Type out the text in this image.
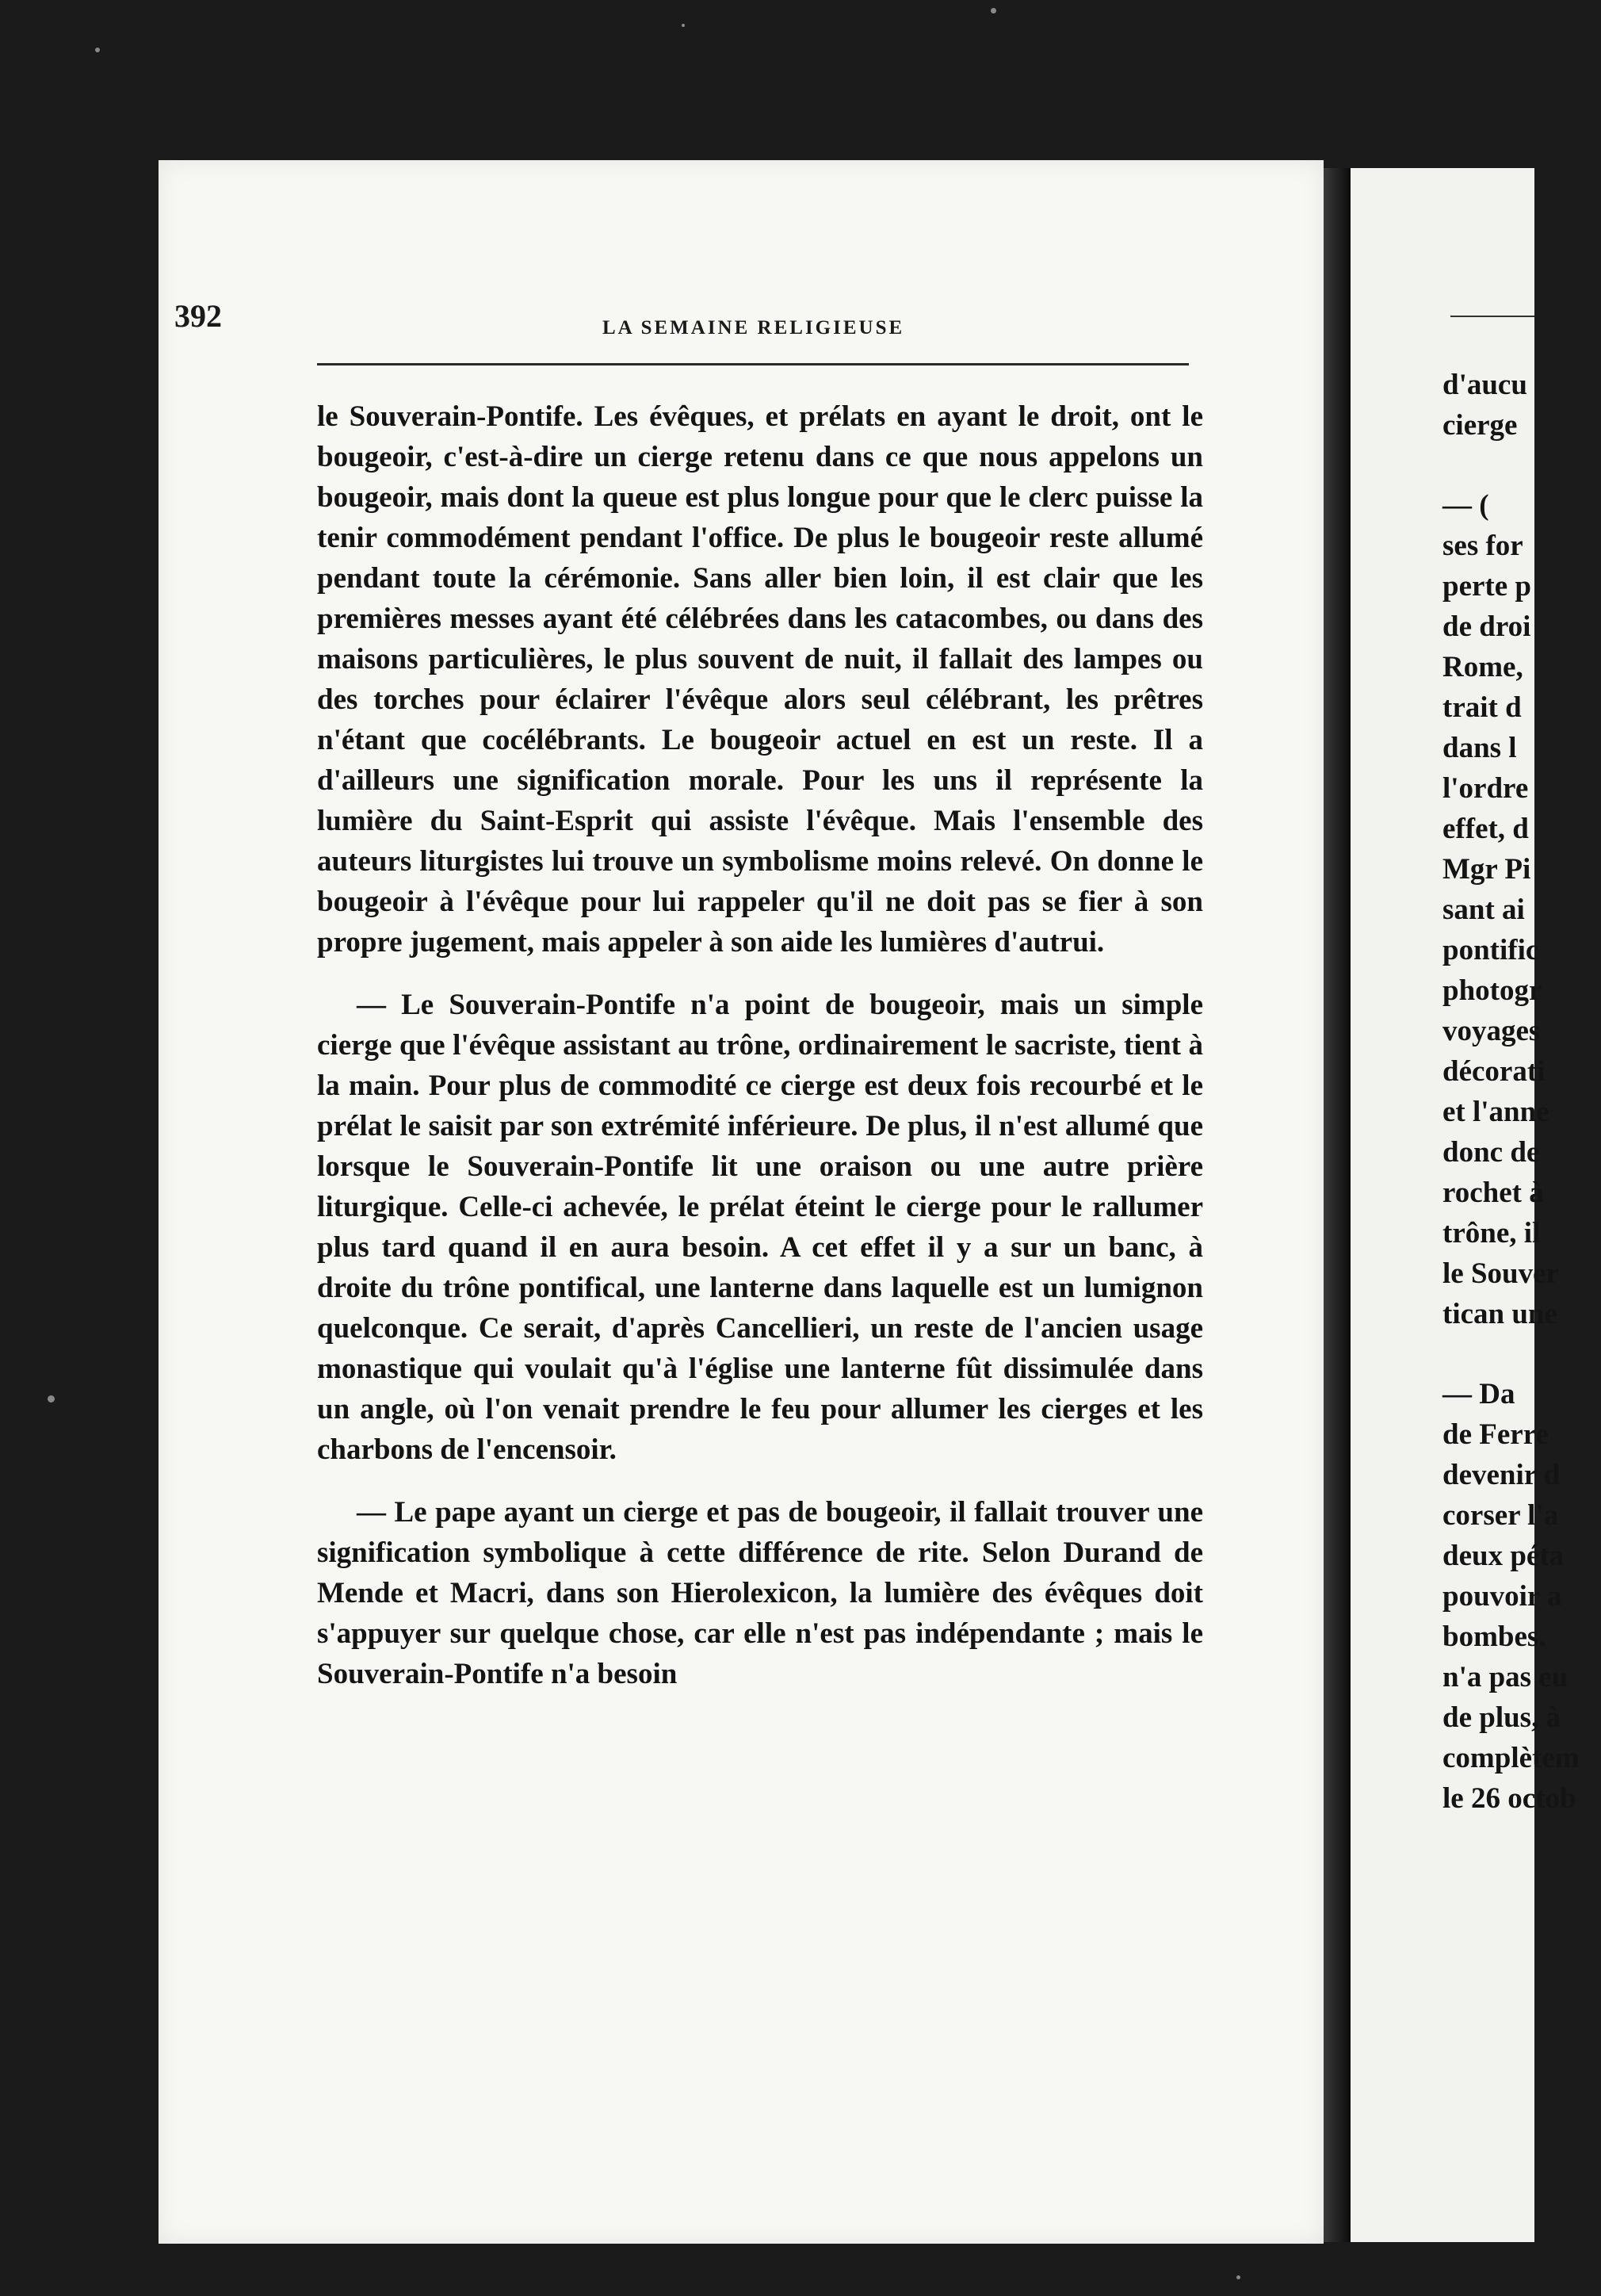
392	LA SEMAINE RELIGIEUSE

le Souverain-Pontife. Les évêques, et prélats en ayant le droit, ont le bougeoir, c'est-à-dire un cierge retenu dans ce que nous appelons un bougeoir, mais dont la queue est plus longue pour que le clerc puisse la tenir commodément pendant l'office. De plus le bougeoir reste allumé pendant toute la cérémonie. Sans aller bien loin, il est clair que les premières messes ayant été célébrées dans les catacombes, ou dans des maisons particulières, le plus souvent de nuit, il fallait des lampes ou des torches pour éclairer l'évêque alors seul célébrant, les prêtres n'étant que cocélébrants. Le bougeoir actuel en est un reste. Il a d'ailleurs une signification morale. Pour les uns il représente la lumière du Saint-Esprit qui assiste l'évêque. Mais l'ensemble des auteurs liturgistes lui trouve un symbolisme moins relevé. On donne le bougeoir à l'évêque pour lui rappeler qu'il ne doit pas se fier à son propre jugement, mais appeler à son aide les lumières d'autrui.

— Le Souverain-Pontife n'a point de bougeoir, mais un simple cierge que l'évêque assistant au trône, ordinairement le sacriste, tient à la main. Pour plus de commodité ce cierge est deux fois recourbé et le prélat le saisit par son extrémité inférieure. De plus, il n'est allumé que lorsque le Souverain-Pontife lit une oraison ou une autre prière liturgique. Celle-ci achevée, le prélat éteint le cierge pour le rallumer plus tard quand il en aura besoin. A cet effet il y a sur un banc, à droite du trône pontifical, une lanterne dans laquelle est un lumignon quelconque. Ce serait, d'après Cancellieri, un reste de l'ancien usage monastique qui voulait qu'à l'église une lanterne fût dissimulée dans un angle, où l'on venait prendre le feu pour allumer les cierges et les charbons de l'encensoir.

— Le pape ayant un cierge et pas de bougeoir, il fallait trouver une signification symbolique à cette différence de rite. Selon Durand de Mende et Macri, dans son Hierolexicon, la lumière des évêques doit s'appuyer sur quelque chose, car elle n'est pas indépendante ; mais le Souverain-Pontife n'a besoin

d'aucu
cierge
— (
ses for
perte p
de droi
Rome,
trait d
dans l
l'ordre
effet, d
Mgr Pi
sant ai
pontific
photogr
voyages
décorati
et l'anne
donc de
rochet à
trône, il
le Souver
tican une
— Da
de Ferre
devenir d
corser l'a
deux péta
pouvoir a
bombes.
n'a pas eu
de plus, à
complètem
le 26 octob
